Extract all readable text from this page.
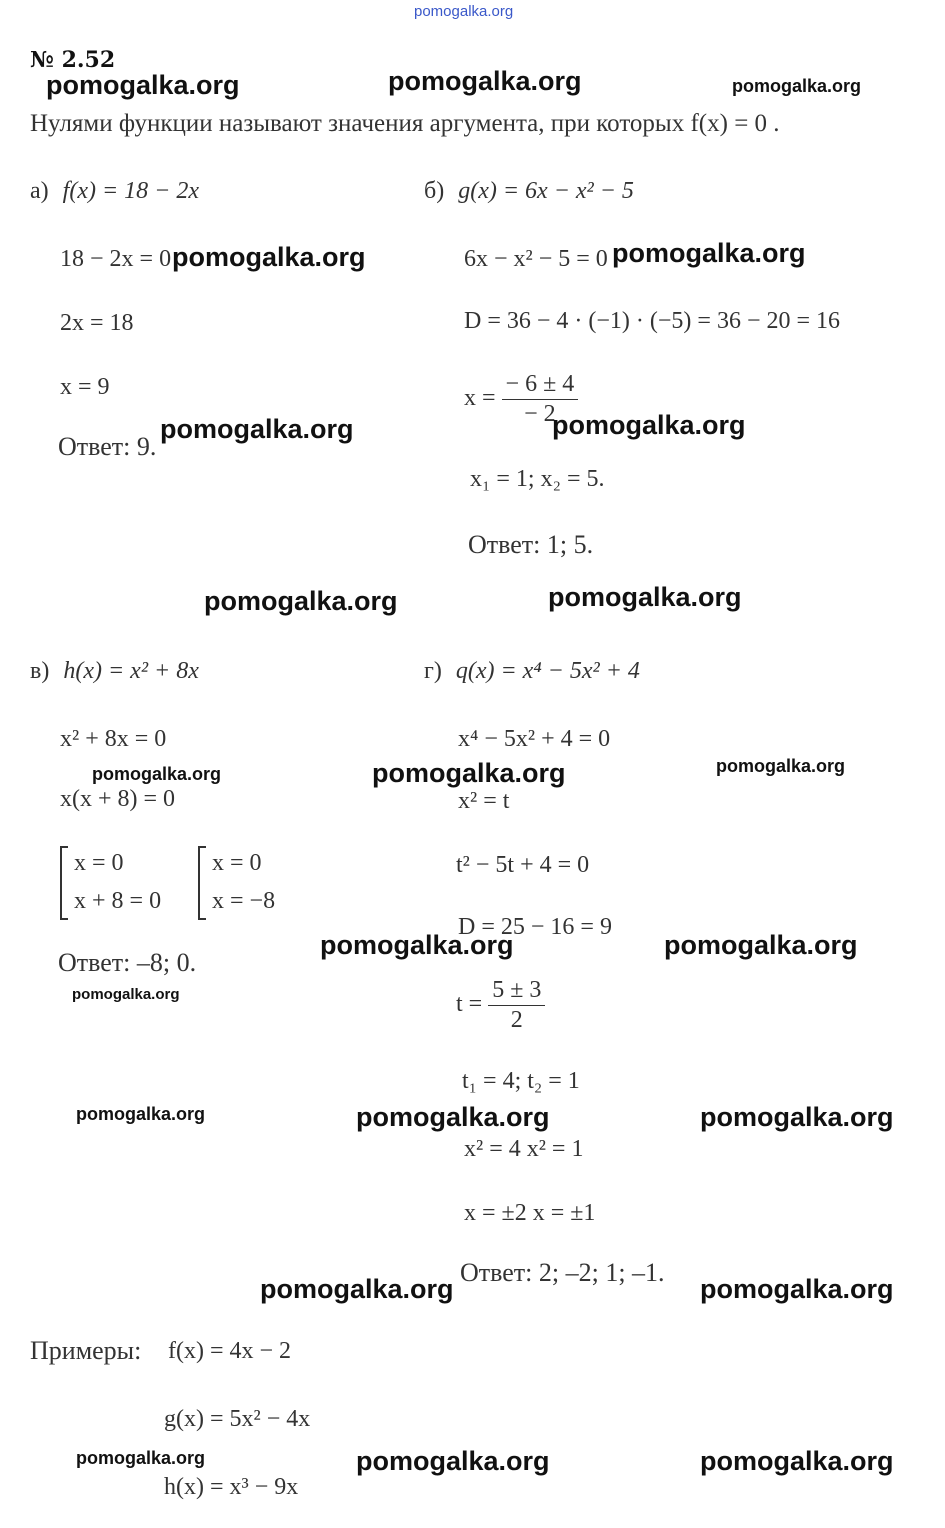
pomogalka.org
№ 2.52
Нулями функции называют значения аргумента, при которых f(x) = 0 .
а) f(x) = 18 − 2x
18 − 2x = 0
2x = 18
x = 9
Ответ: 9.
б) g(x) = 6x − x² − 5
6x − x² − 5 = 0
D = 36 − 4 · (−1) · (−5) = 36 − 20 = 16
$x = \frac{- 6 \pm 4}{- 2}$
x₁ = 1; x₂ = 5.
Ответ: 1; 5.
в) h(x) = x² + 8x
x² + 8x = 0
x(x + 8) = 0
x = 0
x + 8 = 0
x = 0
x = −8
Ответ: –8; 0.
г) q(x) = x⁴ − 5x² + 4
x⁴ − 5x² + 4 = 0
x² = t
t² − 5t + 4 = 0
D = 25 − 16 = 9
$t = \frac{5 \pm 3}{2}$
t₁ = 4; t₂ = 1
x² = 4 x² = 1
x = ±2 x = ±1
Ответ: 2; –2; 1; –1.
Примеры: f(x) = 4x − 2
g(x) = 5x² − 4x
h(x) = x³ − 9x
pomogalka.org	pomogalka.org	pomogalka.org
pomogalka.org	pomogalka.org
pomogalka.org	pomogalka.org
pomogalka.org	pomogalka.org
pomogalka.org	pomogalka.org	pomogalka.org
pomogalka.org	pomogalka.org
pomogalka.org
pomogalka.org	pomogalka.org	pomogalka.org
pomogalka.org	pomogalka.org
pomogalka.org	pomogalka.org	pomogalka.org
